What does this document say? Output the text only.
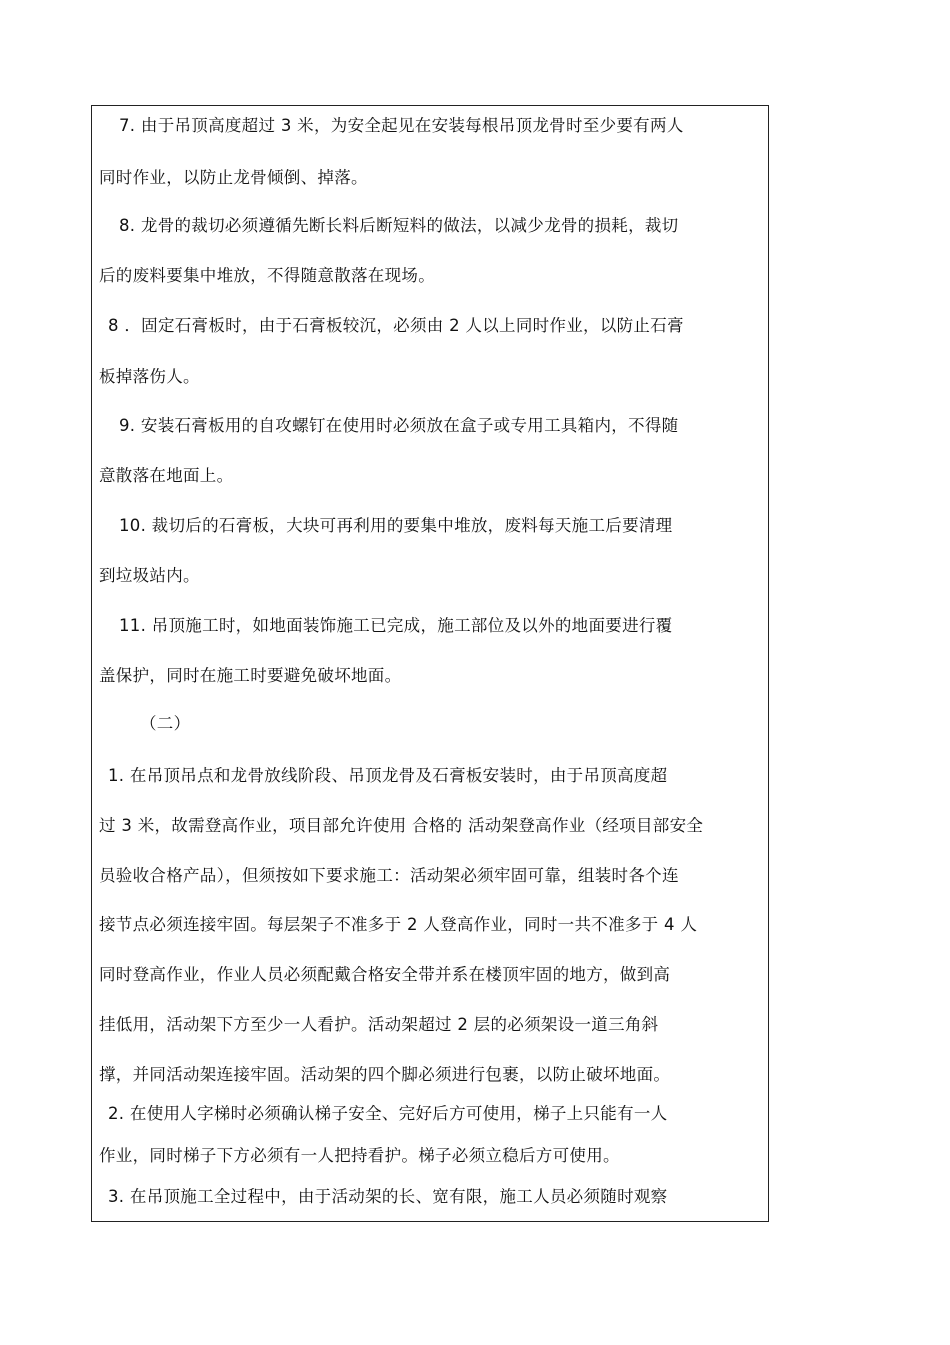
7. 由于吊顶高度超过 3 米，为安全起见在安装每根吊顶龙骨时至少要有两人
同时作业，以防止龙骨倾倒、掉落。
8. 龙骨的裁切必须遵循先断长料后断短料的做法，以减少龙骨的损耗，裁切
后的废料要集中堆放，不得随意散落在现场。
8 ．固定石膏板时，由于石膏板较沉，必须由 2 人以上同时作业，以防止石膏
板掉落伤人。
9. 安装石膏板用的自攻螺钉在使用时必须放在盒子或专用工具箱内，不得随
意散落在地面上。
10. 裁切后的石膏板，大块可再利用的要集中堆放，废料每天施工后要清理
到垃圾站内。
11. 吊顶施工时，如地面装饰施工已完成，施工部位及以外的地面要进行覆
盖保护，同时在施工时要避免破坏地面。
（二）
1. 在吊顶吊点和龙骨放线阶段、吊顶龙骨及石膏板安装时，由于吊顶高度超
过 3 米，故需登高作业，项目部允许使用 合格的 活动架登高作业（经项目部安全
员验收合格产品），但须按如下要求施工：活动架必须牢固可靠，组装时各个连
接节点必须连接牢固。每层架子不准多于 2 人登高作业，同时一共不准多于 4 人
同时登高作业，作业人员必须配戴合格安全带并系在楼顶牢固的地方，做到高
挂低用，活动架下方至少一人看护。活动架超过 2 层的必须架设一道三角斜
撑，并同活动架连接牢固。活动架的四个脚必须进行包裹，以防止破坏地面。
2. 在使用人字梯时必须确认梯子安全、完好后方可使用，梯子上只能有一人
作业，同时梯子下方必须有一人把持看护。梯子必须立稳后方可使用。
3. 在吊顶施工全过程中，由于活动架的长、宽有限，施工人员必须随时观察
